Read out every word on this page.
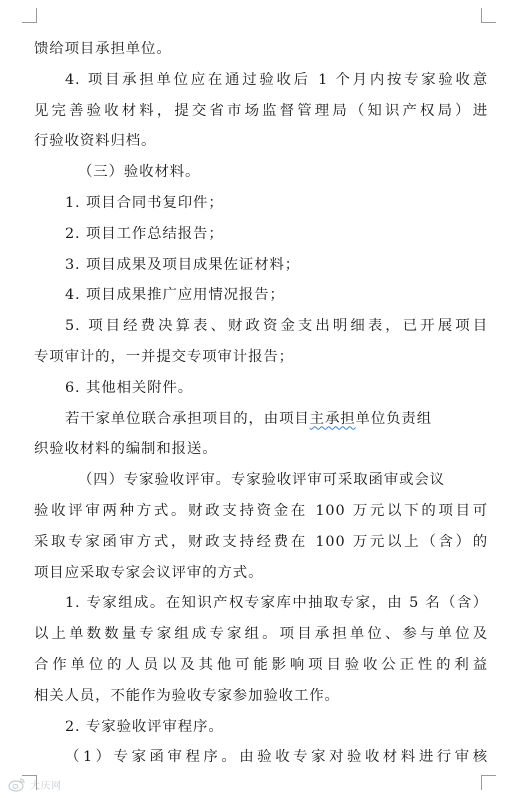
馈给项目承担单位。
4. 项目承担单位应在通过验收后 1 个月内按专家验收意
见完善验收材料，提交省市场监督管理局（知识产权局）进
行验收资料归档。
（三）验收材料。
1. 项目合同书复印件；
2. 项目工作总结报告；
3. 项目成果及项目成果佐证材料；
4. 项目成果推广应用情况报告；
5. 项目经费决算表、财政资金支出明细表，已开展项目
专项审计的，一并提交专项审计报告；
6. 其他相关附件。
若干家单位联合承担项目的，由项目主承担单位负责组
织验收材料的编制和报送。
（四）专家验收评审。专家验收评审可采取函审或会议
验收评审两种方式。财政支持资金在 100 万元以下的项目可
采取专家函审方式，财政支持经费在 100 万元以上（含）的
项目应采取专家会议评审的方式。
1. 专家组成。在知识产权专家库中抽取专家，由 5 名（含）
以上单数数量专家组成专家组。项目承担单位、参与单位及
合作单位的人员以及其他可能影响项目验收公正性的利益
相关人员，不能作为验收专家参加验收工作。
2. 专家验收评审程序。
（1）专家函审程序。由验收专家对验收材料进行审核
大庆网
